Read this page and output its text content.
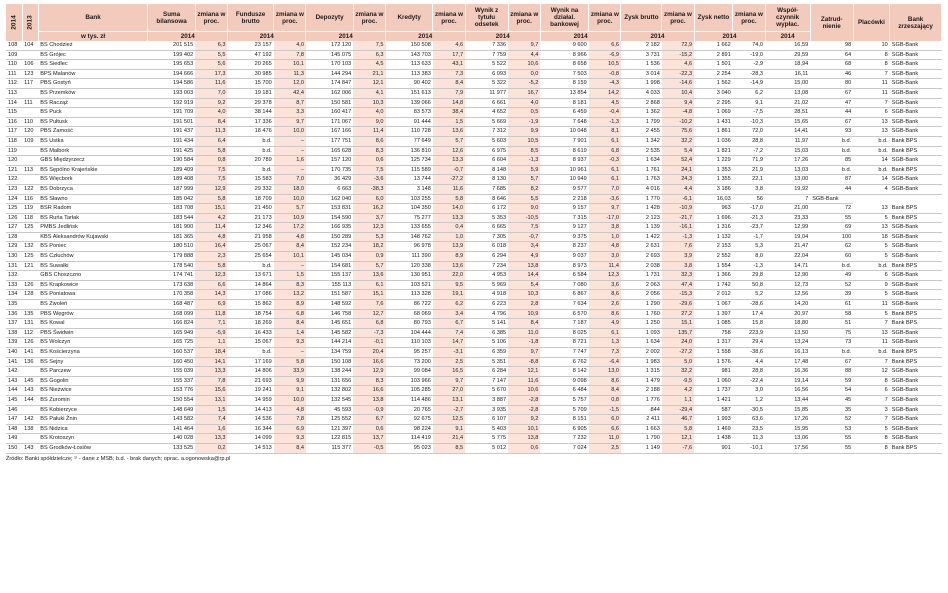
2014	2013	Bank	Suma bilansowa	zmiana w proc.	Fundusze brutto	zmiana w proc.	Depozyty	zmiana w proc.	Kredyty	zmiana w proc.	Wynik z tytułu odsetek	zmiana w proc.	Wynik na działal. bankowej	zmiana w proc.	Zysk brutto	zmiana w proc.	Zysk netto	zmiana w proc.	Współ- czynnik wypłac.	Zatrud- nienie	Placówki	Bank zrzeszający
		w tys. zł	2014		2014		2014		2014		2014		2014		2014		2014		2014			
108	104	BS Chodzież	201 515	6,3	23 157	4,0	172 120	7,5	150 508	4,6	7 336	9,7	9 600	6,6	2 182	72,9	1 662	74,0	16,59	98	10	SGB-Bank
109		BS Grójec	199 402	5,5	47 192	7,8	145 075	6,3	143 703	17,7	7 759	4,4	8 966	-6,9	3 731	-15,2	2 891	-19,0	29,59	64	8	SGB-Bank
110	106	BS Siedlec	195 653	5,6	20 265	10,1	170 103	4,5	113 633	43,1	5 522	10,6	8 658	10,5	1 536	4,6	1 501	-2,9	18,94	68	8	SGB-Bank
111	123	BPS Malanów	194 666	17,3	30 985	11,3	144 294	21,1	113 383	7,3	6 093	0,0	7 503	-0,8	3 014	-22,3	2 254	-28,3	16,11	46	7	SGB-Bank
112	117	PBS Gostyń	194 586	11,6	15 700	12,0	174 847	12,1	90 402	8,4	5 322	-5,2	8 159	-4,3	1 998	-14,6	1 562	-14,9	15,00	80	11	SGB-Bank
113		BS Przemków	193 003	7,0	19 181	42,4	162 006	4,1	151 613	7,9	11 977	16,7	13 854	14,2	4 033	10,4	3 040	6,2	13,08	67	11	SGB-Bank
114	111	BS Racząż	192 919	9,2	29 378	8,7	150 581	10,3	139 066	14,8	6 661	4,0	8 181	4,5	2 868	9,4	2 295	9,1	21,02	47	7	SGB-Bank
115		BS Puck	191 709	4,0	38 144	3,3	160 417	4,0	83 573	38,4	4 652	0,5	6 459	-0,4	1 362	-4,8	1 069	-7,5	28,51	44	6	SGB-Bank
116	110	BS Pułtusk	191 501	8,4	17 336	9,7	171 067	9,0	91 444	1,5	5 669	-1,9	7 648	-1,3	1 799	-10,2	1 431	-10,3	15,65	67	13	SGB-Bank
117	120	PBS Zamość	191 437	11,3	18 476	10,0	167 166	11,4	110 728	13,6	7 312	9,9	10 048	8,1	2 455	75,6	1 861	72,0	14,41	93	13	SGB-Bank
118	109	BS Ustka	191 434	6,4	b.d.	–	177 751	8,6	77 649	5,7	5 603	10,5	7 901	6,1	1 342	32,2	1 036	28,8	11,97	b.d.	b.d.	Bank BPS
119		BS Malbork	191 425	5,8	b.d.	–	165 628	8,3	136 810	12,6	6 975	8,5	8 619	6,8	2 535	5,4	1 821	-7,2	15,03	b.d.	b.d.	Bank BPS
120		GBS Międzyrzecz	190 584	0,8	20 789	1,6	157 120	0,6	125 734	13,3	6 604	-1,3	8 937	-0,3	1 634	52,4	1 229	71,9	17,26	85	14	SGB-Bank
121	113	BS Sępólno Krajeńskie	189 409	7,5	b.d.	–	170 735	7,5	115 589	-0,7	8 148	5,9	10 961	6,1	1 761	24,1	1 353	21,9	13,03	b.d.	b.d.	Bank BPS
122		BS Więcbork	189 408	7,5	15 583	7,0	36 429	-3,6	13 744	-27,2	8 130	5,7	10 949	6,1	1 763	24,3	1 355	22,1	13,00	87	14	SGB-Bank
123	122	BS Dobrzyca	187 999	12,9	29 332	18,0	6 663	-38,3	3 148	11,6	7 685	8,2	9 577	7,0	4 016	4,4	3 186	3,8	19,92	44	4	SGB-Bank
124	116	BS Sławno	185 042	5,8	18 709	10,0	162 040	6,0	103 255	5,8	8 646	5,5	2 218	-3,6	1 770	-6,1	16,03	56	7	SGB-Bank		
125	119	BSR Radom	183 708	15,1	21 450	5,7	153 831	16,2	104 350	14,0	6 172	9,0	9 157	9,7	1 428	-10,9	963	-17,0	21,00	72	13	Bank BPS
126	118	BS Ruńa Tarłak	183 544	4,2	21 173	10,9	154 590	3,7	75 277	13,3	5 353	-10,5	7 315	-17,0	2 123	-21,7	1 696	-21,3	23,33	55	5	Bank BPS
127	125	PMBS Jedlińsk	181 900	11,4	12 346	17,2	166 935	12,3	133 655	0,4	6 665	7,5	9 127	3,8	1 139	-16,1	1 316	-23,7	12,99	69	13	SGB-Bank
128		KBS Aleksandrów Kujawski	181 365	4,8	21 958	4,8	150 289	5,3	148 762	1,0	7 305	-0,7	9 375	1,0	1 422	-1,3	1 132	-1,7	19,04	100	18	SGB-Bank
129	132	BS Poniec	180 510	16,4	25 067	8,4	152 234	18,2	96 978	13,9	6 018	3,4	8 237	4,8	2 631	7,6	2 153	5,3	21,47	62	5	SGB-Bank
130	125	BS Człuchów	179 888	2,3	25 654	10,1	145 034	0,9	111 390	8,9	6 294	4,9	9 037	3,0	2 693	3,9	2 552	8,0	22,04	60	5	SGB-Bank
131	121	BS Suwałki	178 540	5,8	b.d.	–	154 681	5,7	120 338	13,6	7 234	13,8	8 973	11,4	2 038	3,8	1 554	-1,3	14,71	b.d.	b.d.	Bank BPS
132		GBS Choszczno	174 741	12,3	13 671	1,5	155 137	13,6	130 951	22,0	4 953	14,4	6 584	12,3	1 731	32,3	1 366	29,8	12,90	49	6	SGB-Bank
133	126	BS Krapkowice	173 638	6,6	14 864	8,3	155 113	6,1	103 521	9,5	5 969	5,4	7 080	3,6	2 063	47,4	1 742	50,8	12,73	52	9	SGB-Bank
134	128	BS Poniatowa	170 358	14,3	17 086	13,2	151 587	15,1	113 328	19,1	4 918	10,3	6 867	8,6	2 056	-15,3	2 012	5,2	12,56	39	5	SGB-Bank
135		BS Zwoleń	168 487	6,9	15 862	8,9	148 592	7,6	86 722	6,2	6 223	2,8	7 634	2,6	1 290	-29,6	1 067	-28,6	14,20	61	11	SGB-Bank
136	135	PBS Węgrów	168 099	11,8	18 754	6,8	146 758	12,7	68 069	3,4	4 796	10,9	6 570	8,6	1 760	27,2	1 397	17,4	20,97	58	5	Bank BPS
137	131	BS Kowal	166 824	7,1	18 269	8,4	145 651	6,8	80 793	6,7	5 141	8,4	7 187	4,9	1 250	15,1	1 085	15,8	18,80	51	7	Bank BPS
138	112	PBS Świdwin	165 949	-5,9	16 433	1,4	145 582	-7,3	104 444	7,4	6 385	11,0	8 025	6,1	1 093	135,7	758	223,9	13,50	75	13	SGB-Bank
139	126	BS Wolczyn	165 725	1,1	15 067	9,3	144 214	-0,1	110 103	14,7	5 106	-1,8	8 721	1,3	1 634	24,0	1 317	29,4	13,24	73	11	SGB-Bank
140	141	BS Kościerzyna	160 537	18,4	b.d.	–	134 759	20,4	95 257	-3,1	6 359	9,7	7 747	7,3	2 002	-27,2	1 558	-38,6	16,13	b.d.	b.d.	Bank BPS
141	136	BS Sejny	160 450	14,1	17 169	5,8	150 108	16,6	73 200	2,5	5 351	-8,8	6 762	-6,4	1 983	5,0	1 576	4,4	17,48	67	7	Bank BPS
142		BS Parczew	155 039	13,3	14 806	33,9	138 244	12,9	99 084	16,5	6 284	12,1	8 142	13,0	1 315	32,2	981	28,8	16,36	88	12	SGB-Bank
143	145	BS Gogolin	155 337	7,8	21 693	9,9	131 656	8,3	103 966	9,7	7 147	11,6	9 098	8,6	1 479	-9,5	1 060	-22,4	19,14	59	8	SGB-Bank
144	143	BS Nieżwice	153 776	15,6	19 241	9,1	132 802	16,6	105 285	27,0	5 670	10,6	6 484	8,4	2 188	4,2	1 737	3,0	16,56	54	6	SGB-Bank
145	144	BS Zuromin	150 554	13,1	14 959	10,0	132 545	13,8	114 486	13,1	3 887	-2,8	5 757	0,8	1 776	1,1	1 421	1,2	13,44	45	7	SGB-Bank
146		BS Kobierzyce	148 649	1,5	14 413	4,8	45 593	-0,9	20 765	-2,7	3 935	-2,8	5 709	-1,5	844	-29,4	587	-30,5	15,85	35	3	SGB-Bank
147	142	BS Pałuki Żnin	143 582	7,4	14 536	7,8	125 552	6,7	92 675	12,5	6 107	9,2	8 151	6,0	2 411	46,7	1 993	63,6	17,26	52	7	SGB-Bank
148	138	BS Nidzica	141 464	1,6	16 344	6,9	121 397	0,6	98 224	9,1	5 403	10,1	6 905	6,6	1 663	5,8	1 469	23,5	15,95	53	5	SGB-Bank
149		BS Krotoszyn	140 028	13,3	14 099	9,3	122 815	13,7	114 419	21,4	5 775	13,8	7 232	11,0	1 790	12,1	1 438	11,3	13,06	55	8	SGB-Bank
150	143	BS Grodków-Łosiów	133 525	0,2	14 513	8,4	115 377	-0,5	95 023	8,5	5 012	0,6	7 024	2,5	1 149	-7,6	901	-10,1	17,56	55	8	Bank BPS
Źródło: Banki spółdzielcze; ¹⁾ - dane z MSB; b.d. - brak danych; oprac. a.ogonowska@rp.pl
